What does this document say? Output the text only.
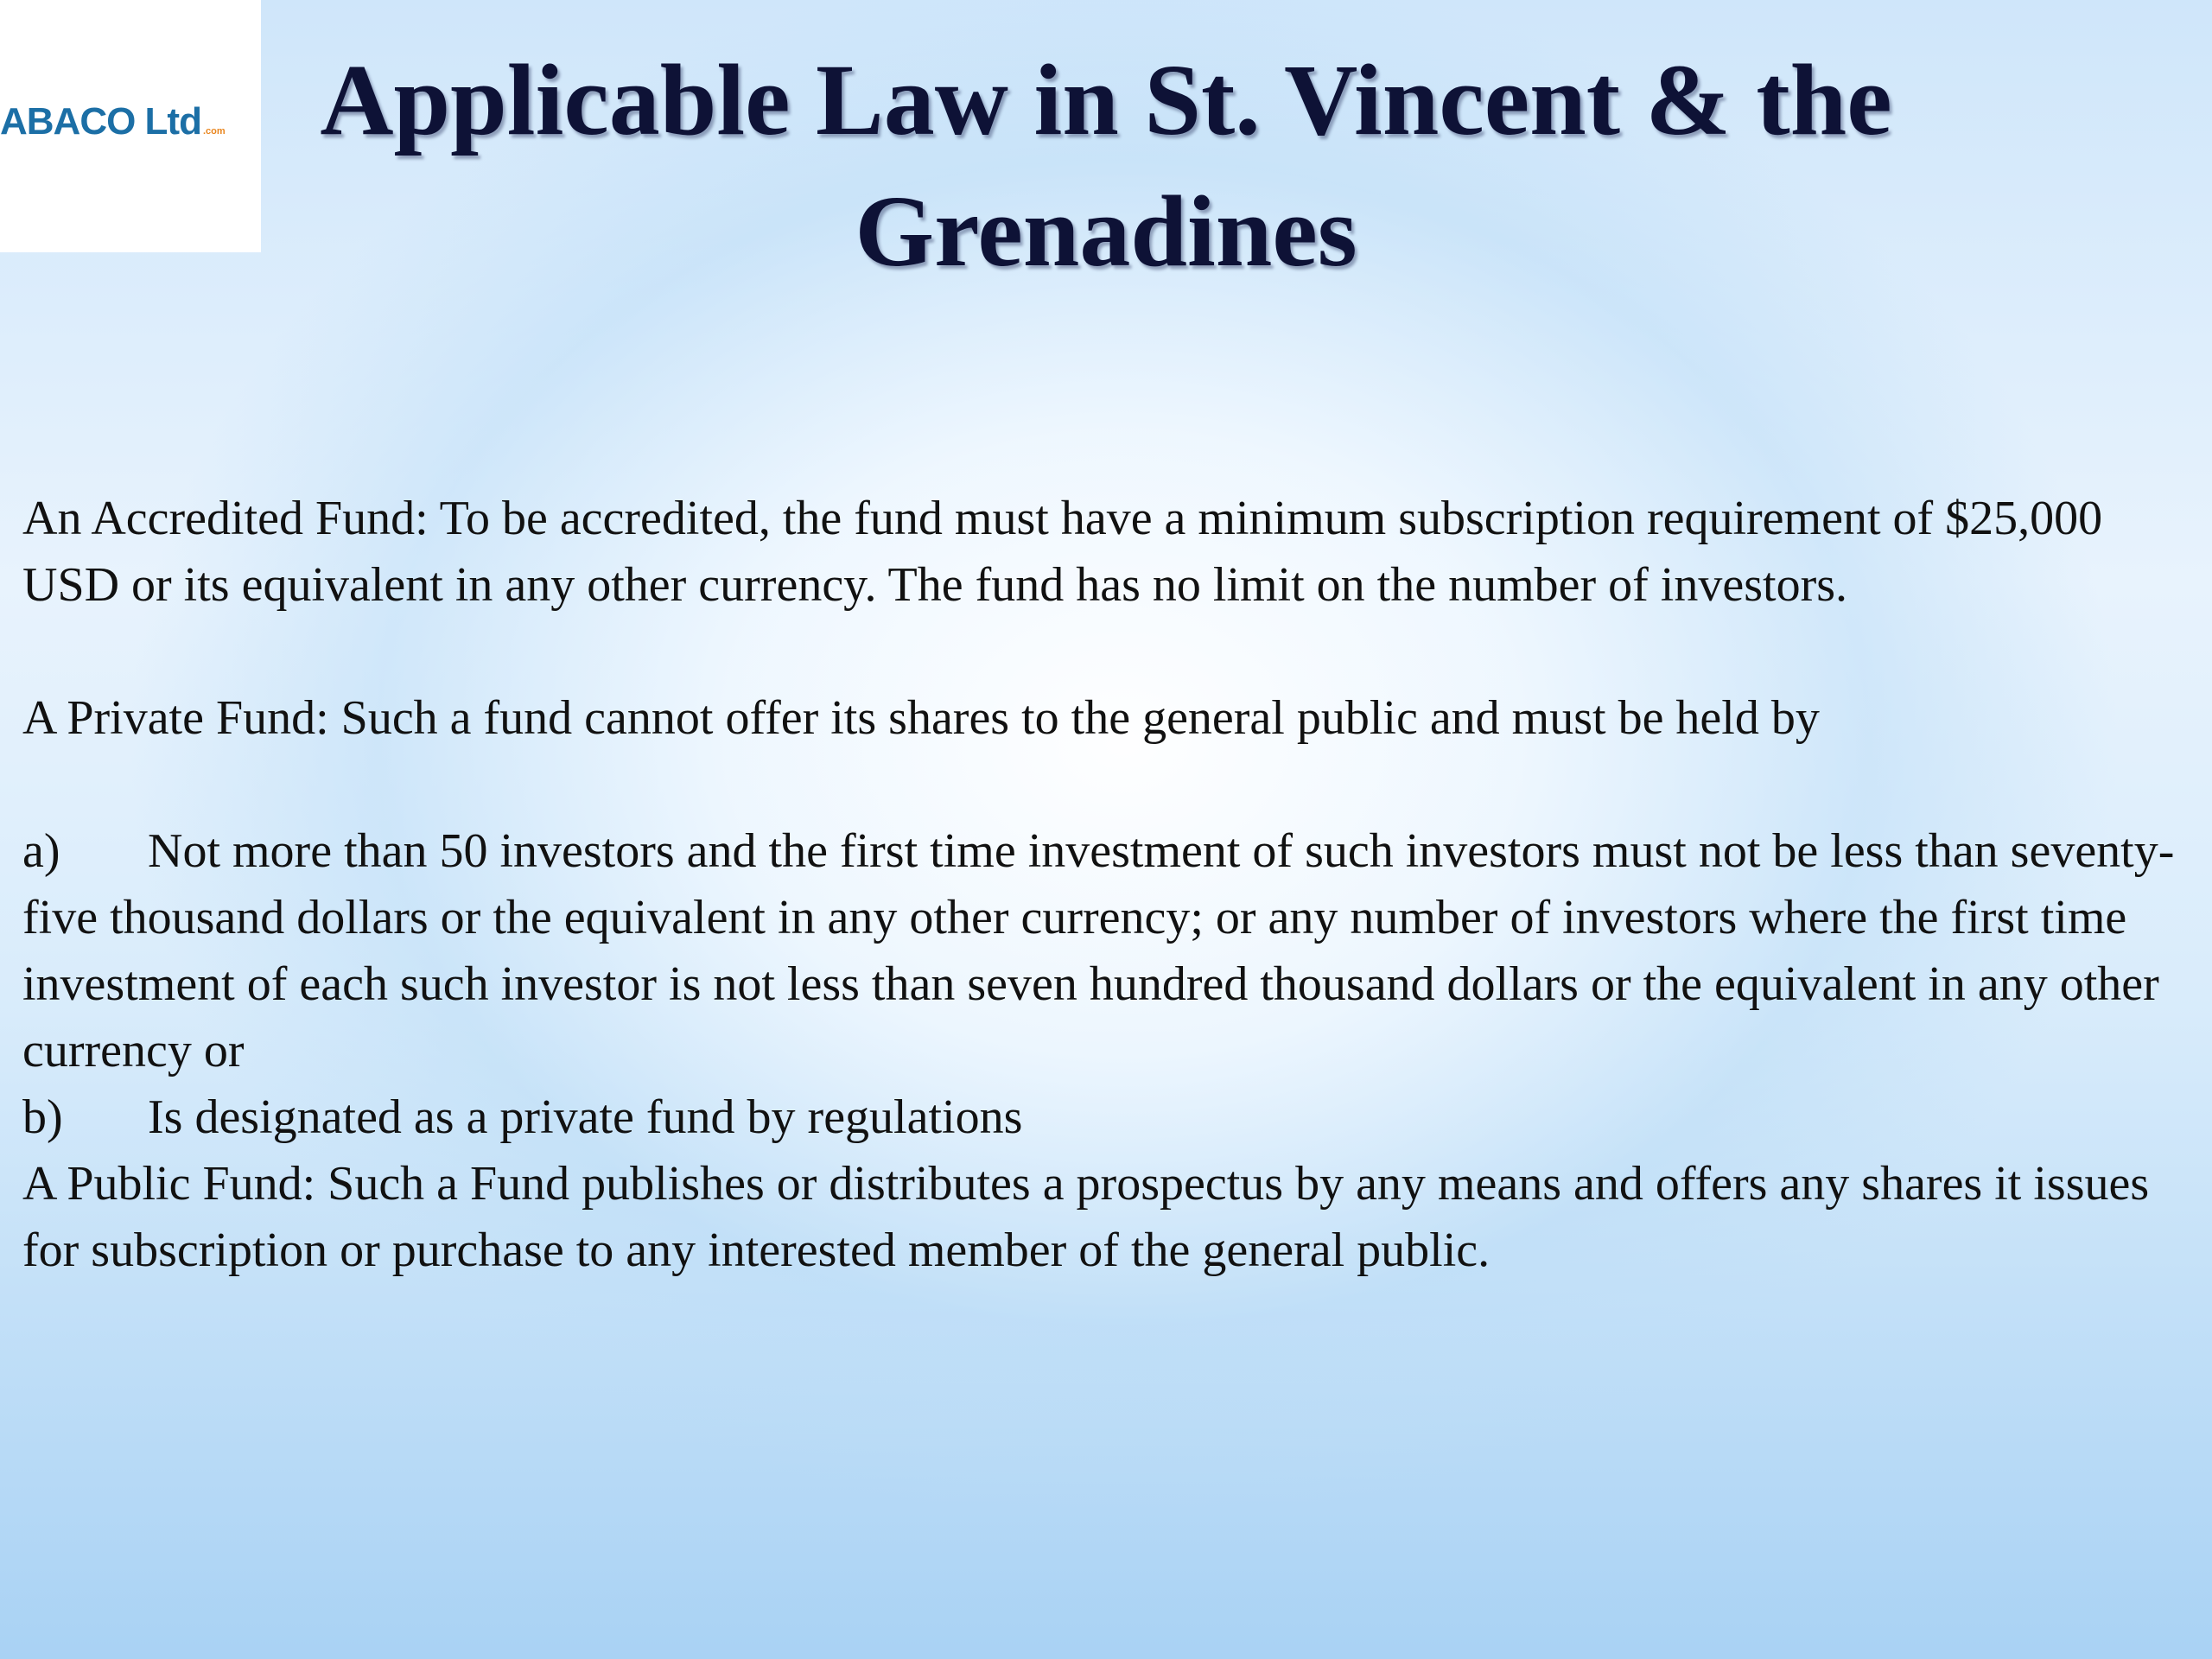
ABACO Ltd .com Applicable Law in St. Vincent & the Grenadines

An Accredited Fund: To be accredited, the fund must have a minimum subscription requirement of $25,000 USD or its equivalent in any other currency. The fund has no limit on the number of investors.

A Private Fund: Such a fund cannot offer its shares to the general public and must be held by

a) Not more than 50 investors and the first time investment of such investors must not be less than seventy-five thousand dollars or the equivalent in any other currency; or any number of investors where the first time investment of each such investor is not less than seven hundred thousand dollars or the equivalent in any other currency or

b) Is designated as a private fund by regulations

A Public Fund: Such a Fund publishes or distributes a prospectus by any means and offers any shares it issues for subscription or purchase to any interested member of the general public.
